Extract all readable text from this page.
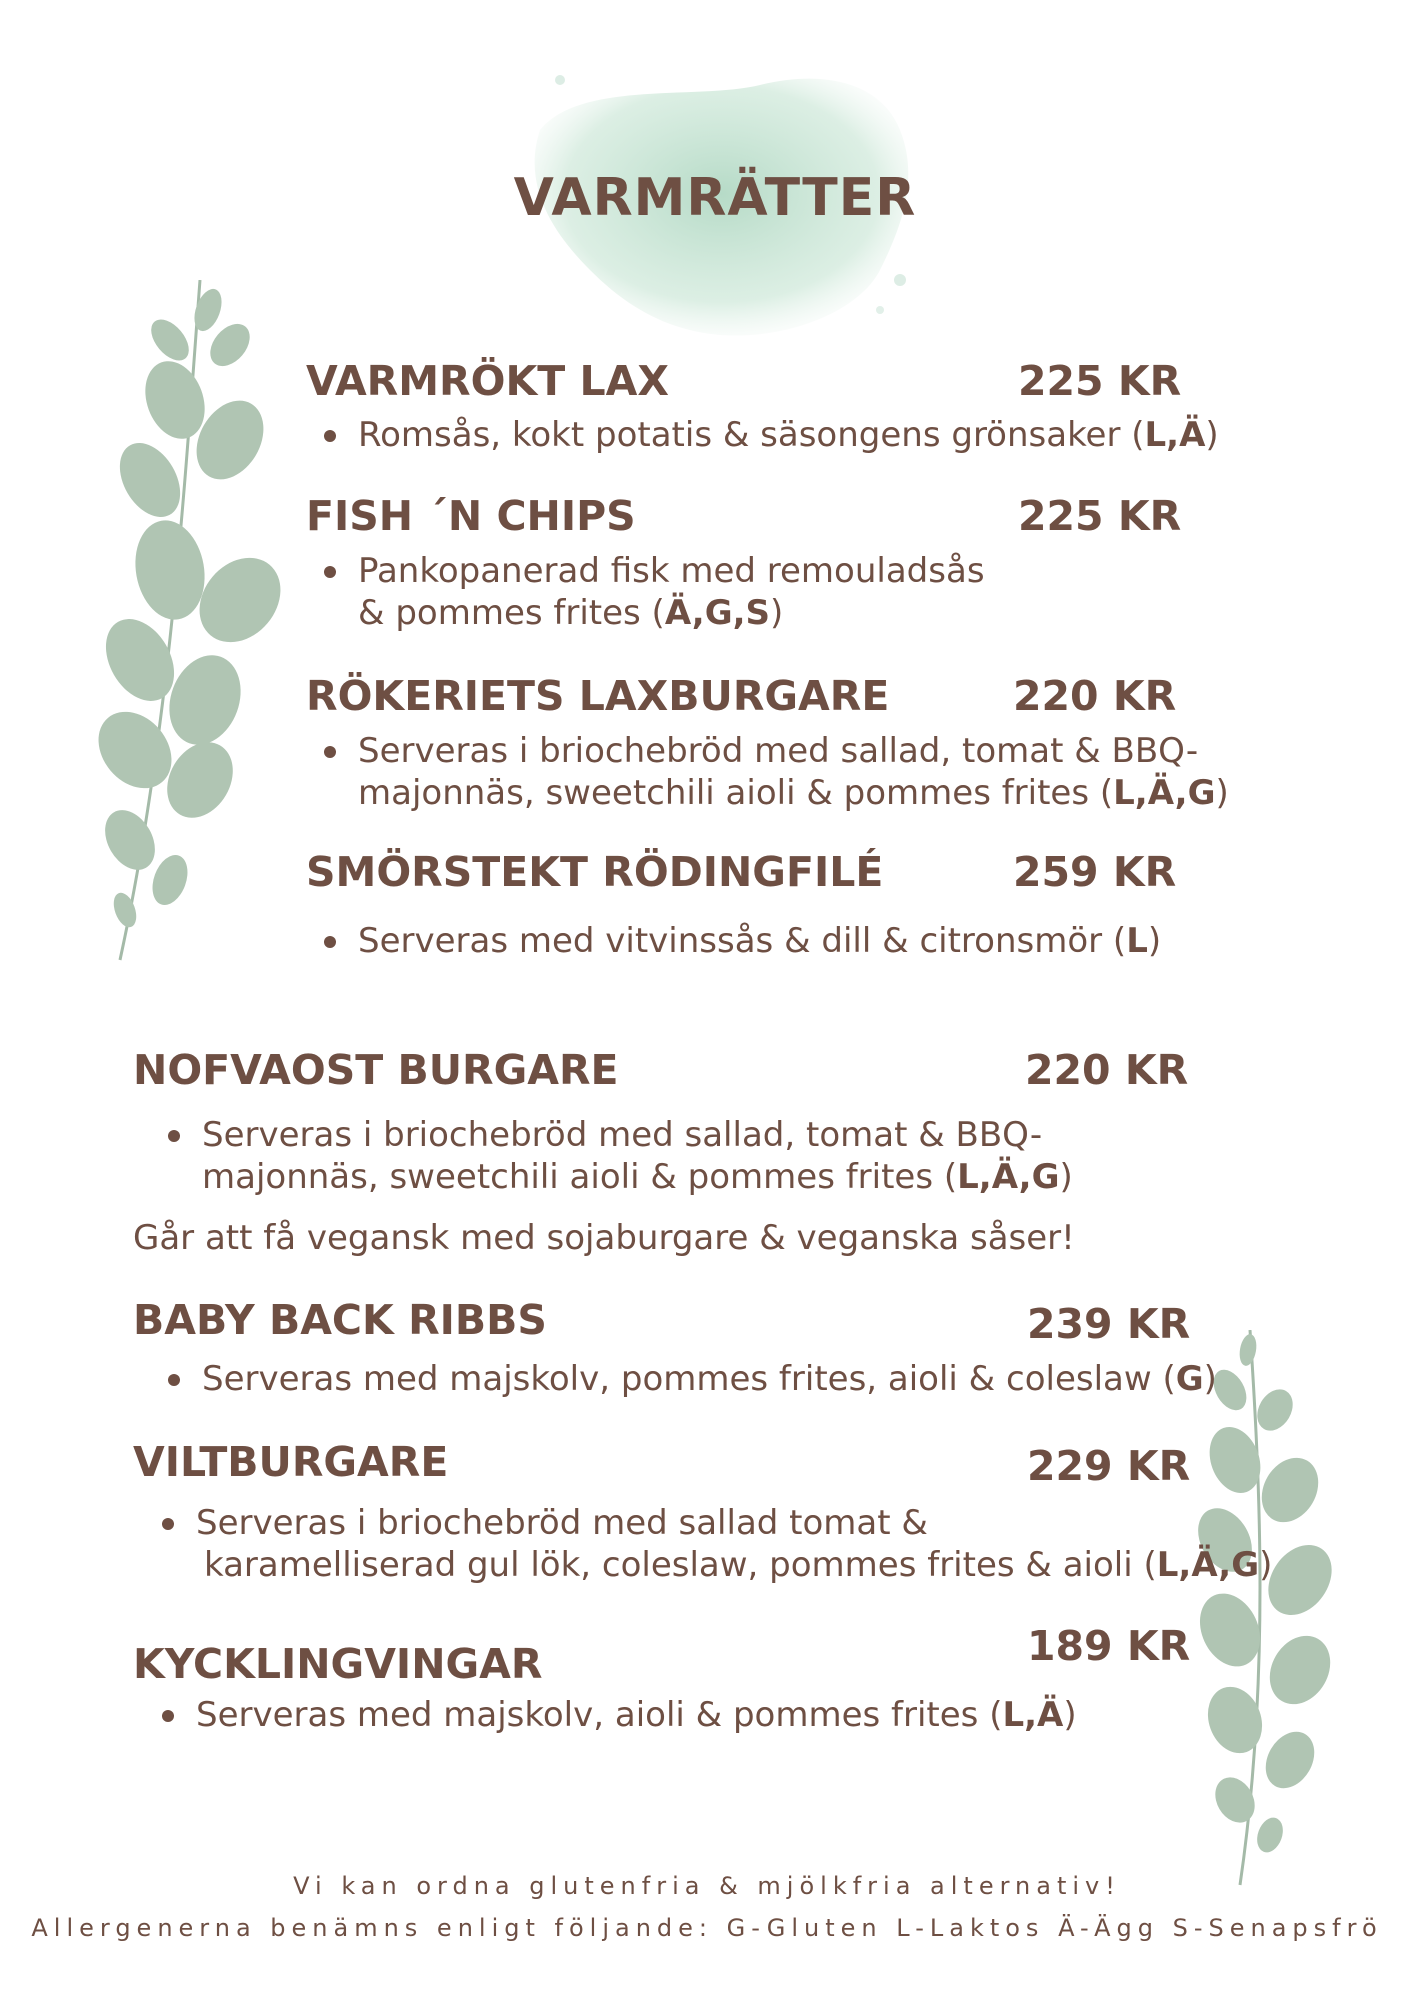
VARMRÄTTER
VARMRÖKT LAX	225 KR
Romsås, kokt potatis & säsongens grönsaker (L,Ä)
FISH ´N CHIPS	225 KR
Pankopanerad fisk med remouladsås
& pommes frites (Ä,G,S)
RÖKERIETS LAXBURGARE	220 KR
Serveras i briochebröd med sallad, tomat & BBQ-
majonnäs, sweetchili aioli & pommes frites (L,Ä,G)
SMÖRSTEKT RÖDINGFILÉ	259 KR
Serveras med vitvinssås & dill & citronsmör (L)
NOFVAOST BURGARE	220 KR
Serveras i briochebröd med sallad, tomat & BBQ-
majonnäs, sweetchili aioli & pommes frites (L,Ä,G)
Går att få vegansk med sojaburgare & veganska såser!
BABY BACK RIBBS	239 KR
Serveras med majskolv, pommes frites, aioli & coleslaw (G)
VILTBURGARE	229 KR
Serveras i briochebröd med sallad tomat &
karamelliserad gul lök, coleslaw, pommes frites & aioli (L,Ä,G)
KYCKLINGVINGAR	189 KR
Serveras med majskolv, aioli & pommes frites (L,Ä)
Vi kan ordna glutenfria & mjölkfria alternativ!
Allergenerna benämns enligt följande: G-Gluten L-Laktos Ä-Ägg S-Senapsfrö
